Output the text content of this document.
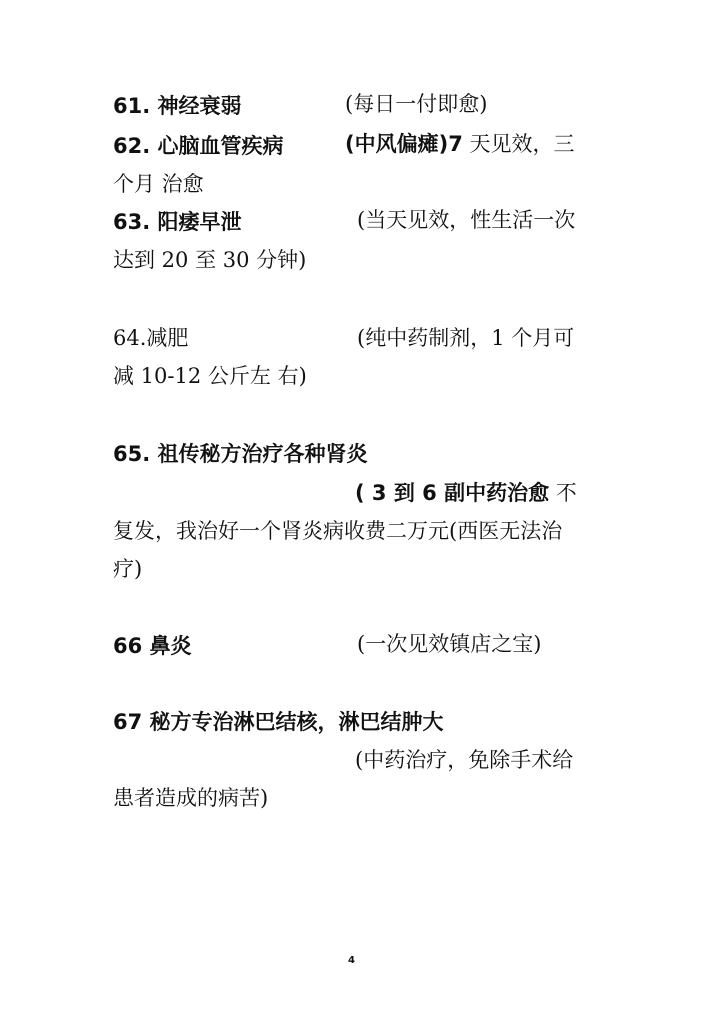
61. 神经衰弱	(每日一付即愈)
62. 心脑血管疾病	(中风偏瘫)7 天见效，三
个月 治愈
63. 阳痿早泄	(当天见效，性生活一次
达到 20 至 30 分钟)
64.减肥	(纯中药制剂，1 个月可
减 10-12 公斤左 右)
65. 祖传秘方治疗各种肾炎
( 3 到 6 副中药治愈 不
复发，我治好一个肾炎病收费二万元(西医无法治
疗)
66 鼻炎	(一次见效镇店之宝)
67 秘方专治淋巴结核，淋巴结肿大
(中药治疗，免除手术给
患者造成的病苦)
4
